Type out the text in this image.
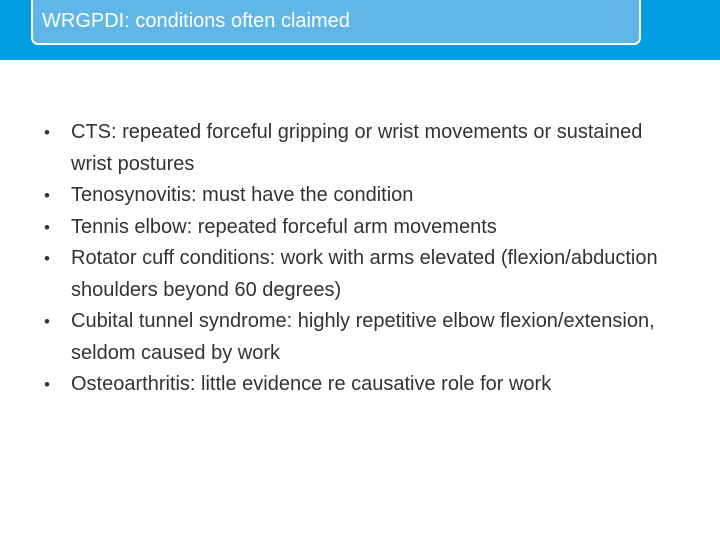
WRGPDI: conditions often claimed
• CTS: repeated forceful gripping or wrist movements or sustained wrist postures
• Tenosynovitis: must have the condition
• Tennis elbow: repeated forceful arm movements
• Rotator cuff conditions: work with arms elevated (flexion/abduction shoulders beyond 60 degrees)
• Cubital tunnel syndrome: highly repetitive elbow flexion/extension, seldom caused by work
• Osteoarthritis: little evidence re causative role for work
